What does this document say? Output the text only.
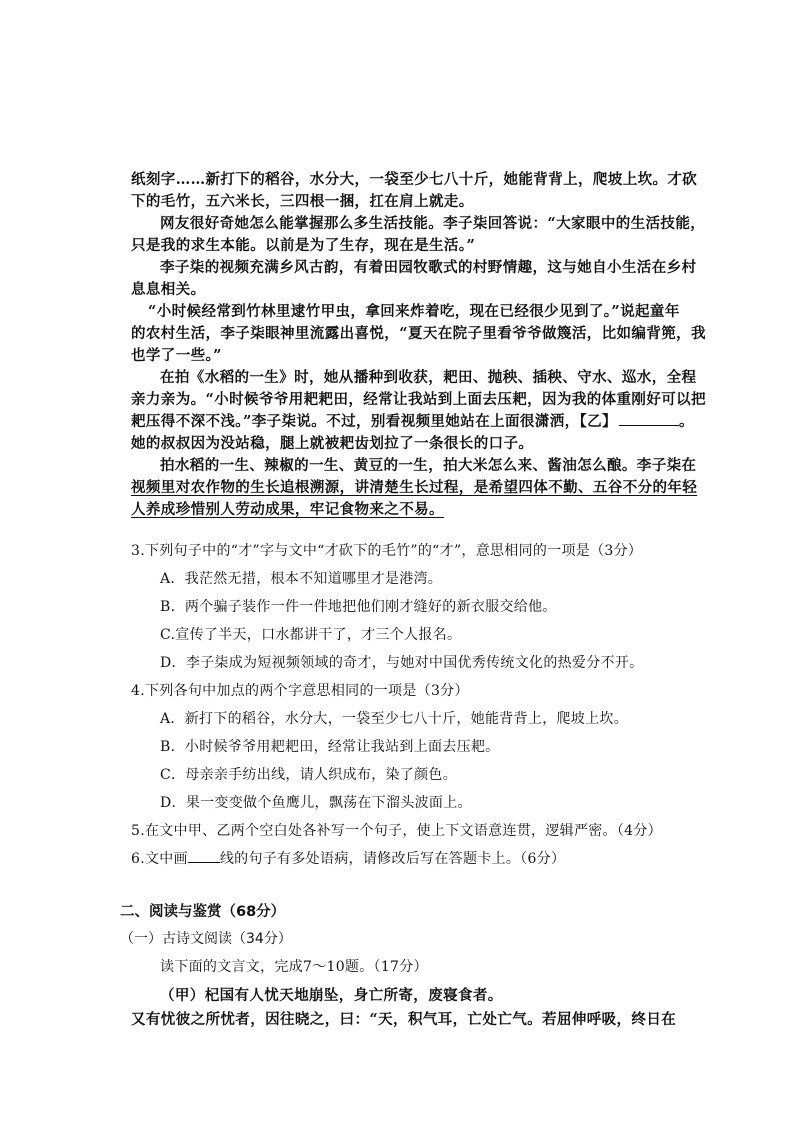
纸刻字……新打下的稻谷，水分大，一袋至少七八十斤，她能背背上，爬坡上坎。才砍
下的毛竹，五六米长，三四根一捆，扛在肩上就走。
网友很好奇她怎么能掌握那么多生活技能。李子柒回答说：“大家眼中的生活技能，
只是我的求生本能。以前是为了生存，现在是生活。”
李子柒的视频充满乡风古韵，有着田园牧歌式的村野情趣，这与她自小生活在乡村
息息相关。
“小时候经常到竹林里逮竹甲虫，拿回来炸着吃，现在已经很少见到了。”说起童年
的农村生活，李子柒眼神里流露出喜悦，“夏天在院子里看爷爷做篾活，比如编背篼，我
也学了一些。”
在拍《水稻的一生》时，她从播种到收获，耙田、抛秧、插秧、守水、巡水，全程
亲力亲为。“小时候爷爷用耙耙田，经常让我站到上面去压耙，因为我的体重刚好可以把
耙压得不深不浅。”李子柒说。不过，别看视频里她站在上面很潇洒，【乙】	。
她的叔叔因为没站稳，腿上就被耙齿划拉了一条很长的口子。
拍水稻的一生、辣椒的一生、黄豆的一生，拍大米怎么来、酱油怎么酿。李子柒在
视频里对农作物的生长追根溯源，讲清楚生长过程，是希望四体不勤、五谷不分的年轻
人养成珍惜别人劳动成果，牢记食物来之不易。
3.下列句子中的“才”字与文中“才砍下的毛竹”的“才”，意思相同的一项是（3分）
A．我茫然无措，根本不知道哪里才是港湾。
B．两个骗子装作一件一件地把他们刚才缝好的新衣服交给他。
C.宣传了半天，口水都讲干了，才三个人报名。
D．李子柒成为短视频领域的奇才，与她对中国优秀传统文化的热爱分不开。
4.下列各句中加点的两个字意思相同的一项是（3分）
A．新打下的稻谷，水分大，一袋至少七八十斤，她能背背上，爬坡上坎。
B．小时候爷爷用耙耙田，经常让我站到上面去压耙。
C．母亲亲手纺出线，请人织成布，染了颜色。
D．果一变变做个鱼鹰儿，飘荡在下溜头波面上。
5.在文中甲、乙两个空白处各补写一个句子，使上下文语意连贯，逻辑严密。（4分）
6.文中画 线的句子有多处语病，请修改后写在答题卡上。（6分）
二、阅读与鉴赏（68分）
（一）古诗文阅读（34分）
读下面的文言文，完成7～10题。（17分）
（甲）杞国有人忧天地崩坠，身亡所寄，废寝食者。
又有忧彼之所忧者，因往晓之，曰：“天，积气耳，亡处亡气。若屈伸呼吸，终日在
